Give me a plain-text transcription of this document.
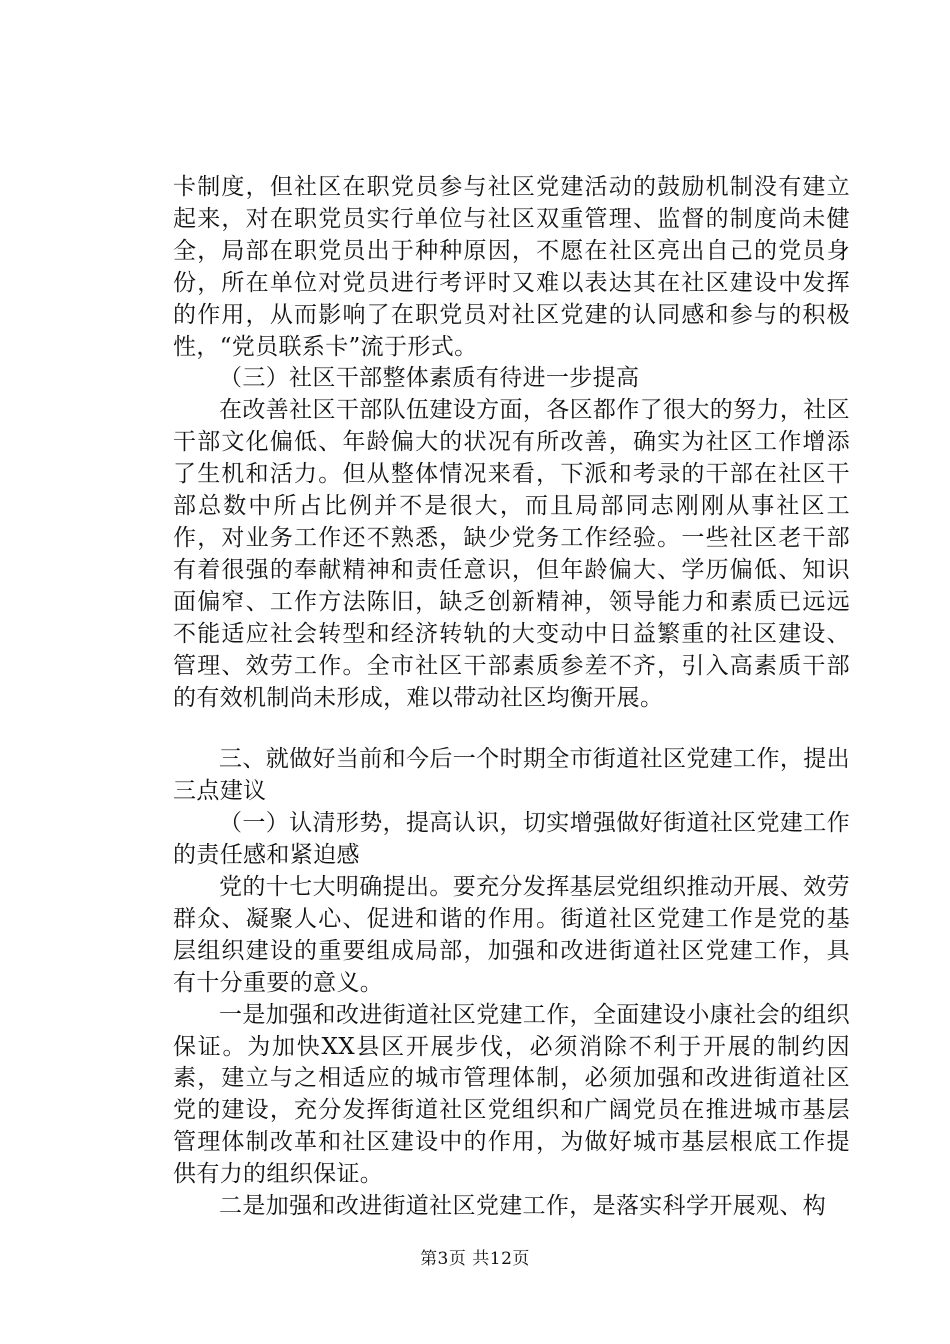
卡制度，但社区在职党员参与社区党建活动的鼓励机制没有建立起来，对在职党员实行单位与社区双重管理、监督的制度尚未健全，局部在职党员出于种种原因，不愿在社区亮出自己的党员身份，所在单位对党员进行考评时又难以表达其在社区建设中发挥的作用，从而影响了在职党员对社区党建的认同感和参与的积极性，“党员联系卡”流于形式。

（三）社区干部整体素质有待进一步提高

在改善社区干部队伍建设方面，各区都作了很大的努力，社区干部文化偏低、年龄偏大的状况有所改善，确实为社区工作增添了生机和活力。但从整体情况来看，下派和考录的干部在社区干部总数中所占比例并不是很大，而且局部同志刚刚从事社区工作，对业务工作还不熟悉，缺少党务工作经验。一些社区老干部有着很强的奉献精神和责任意识，但年龄偏大、学历偏低、知识面偏窄、工作方法陈旧，缺乏创新精神，领导能力和素质已远远不能适应社会转型和经济转轨的大变动中日益繁重的社区建设、管理、效劳工作。全市社区干部素质参差不齐，引入高素质干部的有效机制尚未形成，难以带动社区均衡开展。

三、就做好当前和今后一个时期全市街道社区党建工作，提出三点建议

（一）认清形势，提高认识，切实增强做好街道社区党建工作的责任感和紧迫感

党的十七大明确提出。要充分发挥基层党组织推动开展、效劳群众、凝聚人心、促进和谐的作用。街道社区党建工作是党的基层组织建设的重要组成局部，加强和改进街道社区党建工作，具有十分重要的意义。

一是加强和改进街道社区党建工作，全面建设小康社会的组织保证。为加快XX县区开展步伐，必须消除不利于开展的制约因素，建立与之相适应的城市管理体制，必须加强和改进街道社区党的建设，充分发挥街道社区党组织和广阔党员在推进城市基层管理体制改革和社区建设中的作用，为做好城市基层根底工作提供有力的组织保证。

二是加强和改进街道社区党建工作，是落实科学开展观、构

第3页 共12页
